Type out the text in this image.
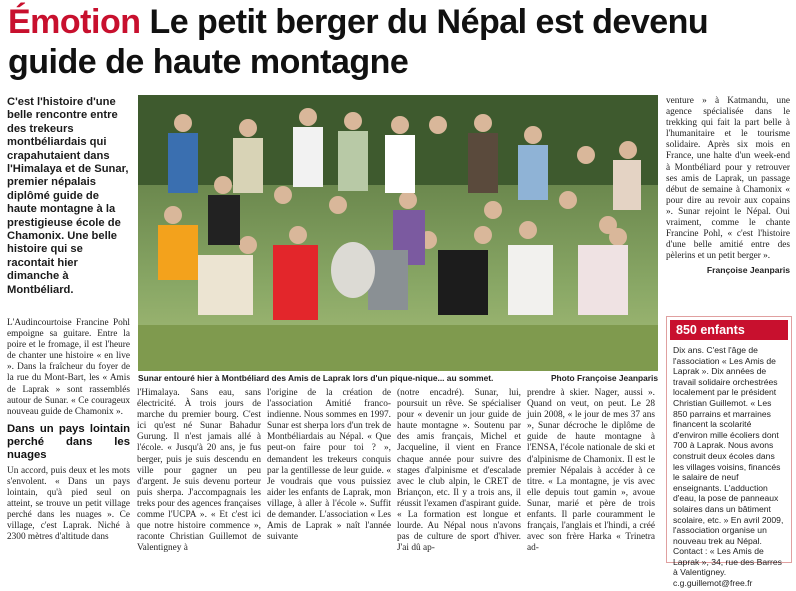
Émotion Le petit berger du Népal est devenu guide de haute montagne
C'est l'histoire d'une belle rencontre entre des trekeurs montbéliardais qui crapahutaient dans l'Himalaya et de Sunar, premier népalais diplômé guide de haute montagne à la prestigieuse école de Chamonix. Une belle histoire qui se racontait hier dimanche à Montbéliard.
Sunar entouré hier à Montbéliard des Amis de Laprak lors d'un pique-nique... au sommet.	Photo Françoise Jeanparis

L'Audincourtoise Francine Pohl empoigne sa guitare. Entre la poire et le fromage, il est l'heure de chanter une histoire « en live ». Dans la fraîcheur du foyer de la rue du Mont-Bart, les « Amis de Laprak » sont rassemblés autour de Sunar. « Ce courageux nouveau guide de Chamonix ».

Dans un pays lointain perché dans les nuages

Un accord, puis deux et les mots s'envolent. « Dans un pays lointain, qu'à pied seul on atteint, se trouve un petit village perché dans les nuages ». Ce village, c'est Laprak. Niché à 2300 mètres d'altitude dans

l'Himalaya. Sans eau, sans électricité. À trois jours de marche du premier bourg. C'est ici qu'est né Sunar Bahadur Gurung. Il n'est jamais allé à l'école. « Jusqu'à 20 ans, je fus berger, puis je suis descendu en ville pour gagner un peu d'argent. Je suis devenu porteur puis sherpa. J'accompagnais les treks pour des agences françaises comme l'UCPA ». « Et c'est ici que notre histoire commence », raconte Christian Guillemot de Valentigney à

l'origine de la création de l'association Amitié franco-indienne. Nous sommes en 1997. Sunar est sherpa lors d'un trek de Montbéliardais au Népal. « Que peut-on faire pour toi ? », demandent les trekeurs conquis par la gentillesse de leur guide. « Je voudrais que vous puissiez aider les enfants de Laprak, mon village, à aller à l'école ». Suffit de demander. L'association « Les Amis de Laprak » naît l'année suivante

(notre encadré). Sunar, lui, poursuit un rêve. Se spécialiser pour « devenir un jour guide de haute montagne ». Soutenu par des amis français, Michel et Jacqueline, il vient en France chaque année pour suivre des stages d'alpinisme et d'escalade avec le club alpin, le CRET de Briançon, etc. Il y a trois ans, il réussit l'examen d'aspirant guide. « La formation est longue et lourde. Au Népal nous n'avons pas de culture de sport d'hiver. J'ai dû ap-

prendre à skier. Nager, aussi ». Quand on veut, on peut. Le 28 juin 2008, « le jour de mes 37 ans », Sunar décroche le diplôme de guide de haute montagne à l'ENSA, l'école nationale de ski et d'alpinisme de Chamonix. Il est le premier Népalais à accéder à ce titre. « La montagne, je vis avec elle depuis tout gamin », avoue Sunar, marié et père de trois enfants. Il parle couramment le français, l'anglais et l'hindi, a créé avec son frère Harka « Trinetra ad-

venture » à Katmandu, une agence spécialisée dans le trekking qui fait la part belle à l'humanitaire et le tourisme solidaire. Après six mois en France, une halte d'un week-end à Montbéliard pour y retrouver ses amis de Laprak, un passage début de semaine à Chamonix « pour dire au revoir aux copains ». Sunar rejoint le Népal. Oui vraiment, comme le chante Francine Pohl, « c'est l'histoire d'une belle amitié entre des pèlerins et un petit berger ».

Françoise Jeanparis
850 enfants
Dix ans. C'est l'âge de l'association « Les Amis de Laprak ». Dix années de travail solidaire orchestrées localement par le président Christian Guillemot. « Les 850 parrains et marraines financent la scolarité d'environ mille écoliers dont 700 à Laprak. Nous avons construit deux écoles dans les villages voisins, financés le salaire de neuf enseignants. L'adduction d'eau, la pose de panneaux solaires dans un bâtiment scolaire, etc. » En avril 2009, l'association organise un nouveau trek au Népal. Contact : « Les Amis de Laprak », 34, rue des Barres à Valentigney. c.g.guillemot@free.fr
